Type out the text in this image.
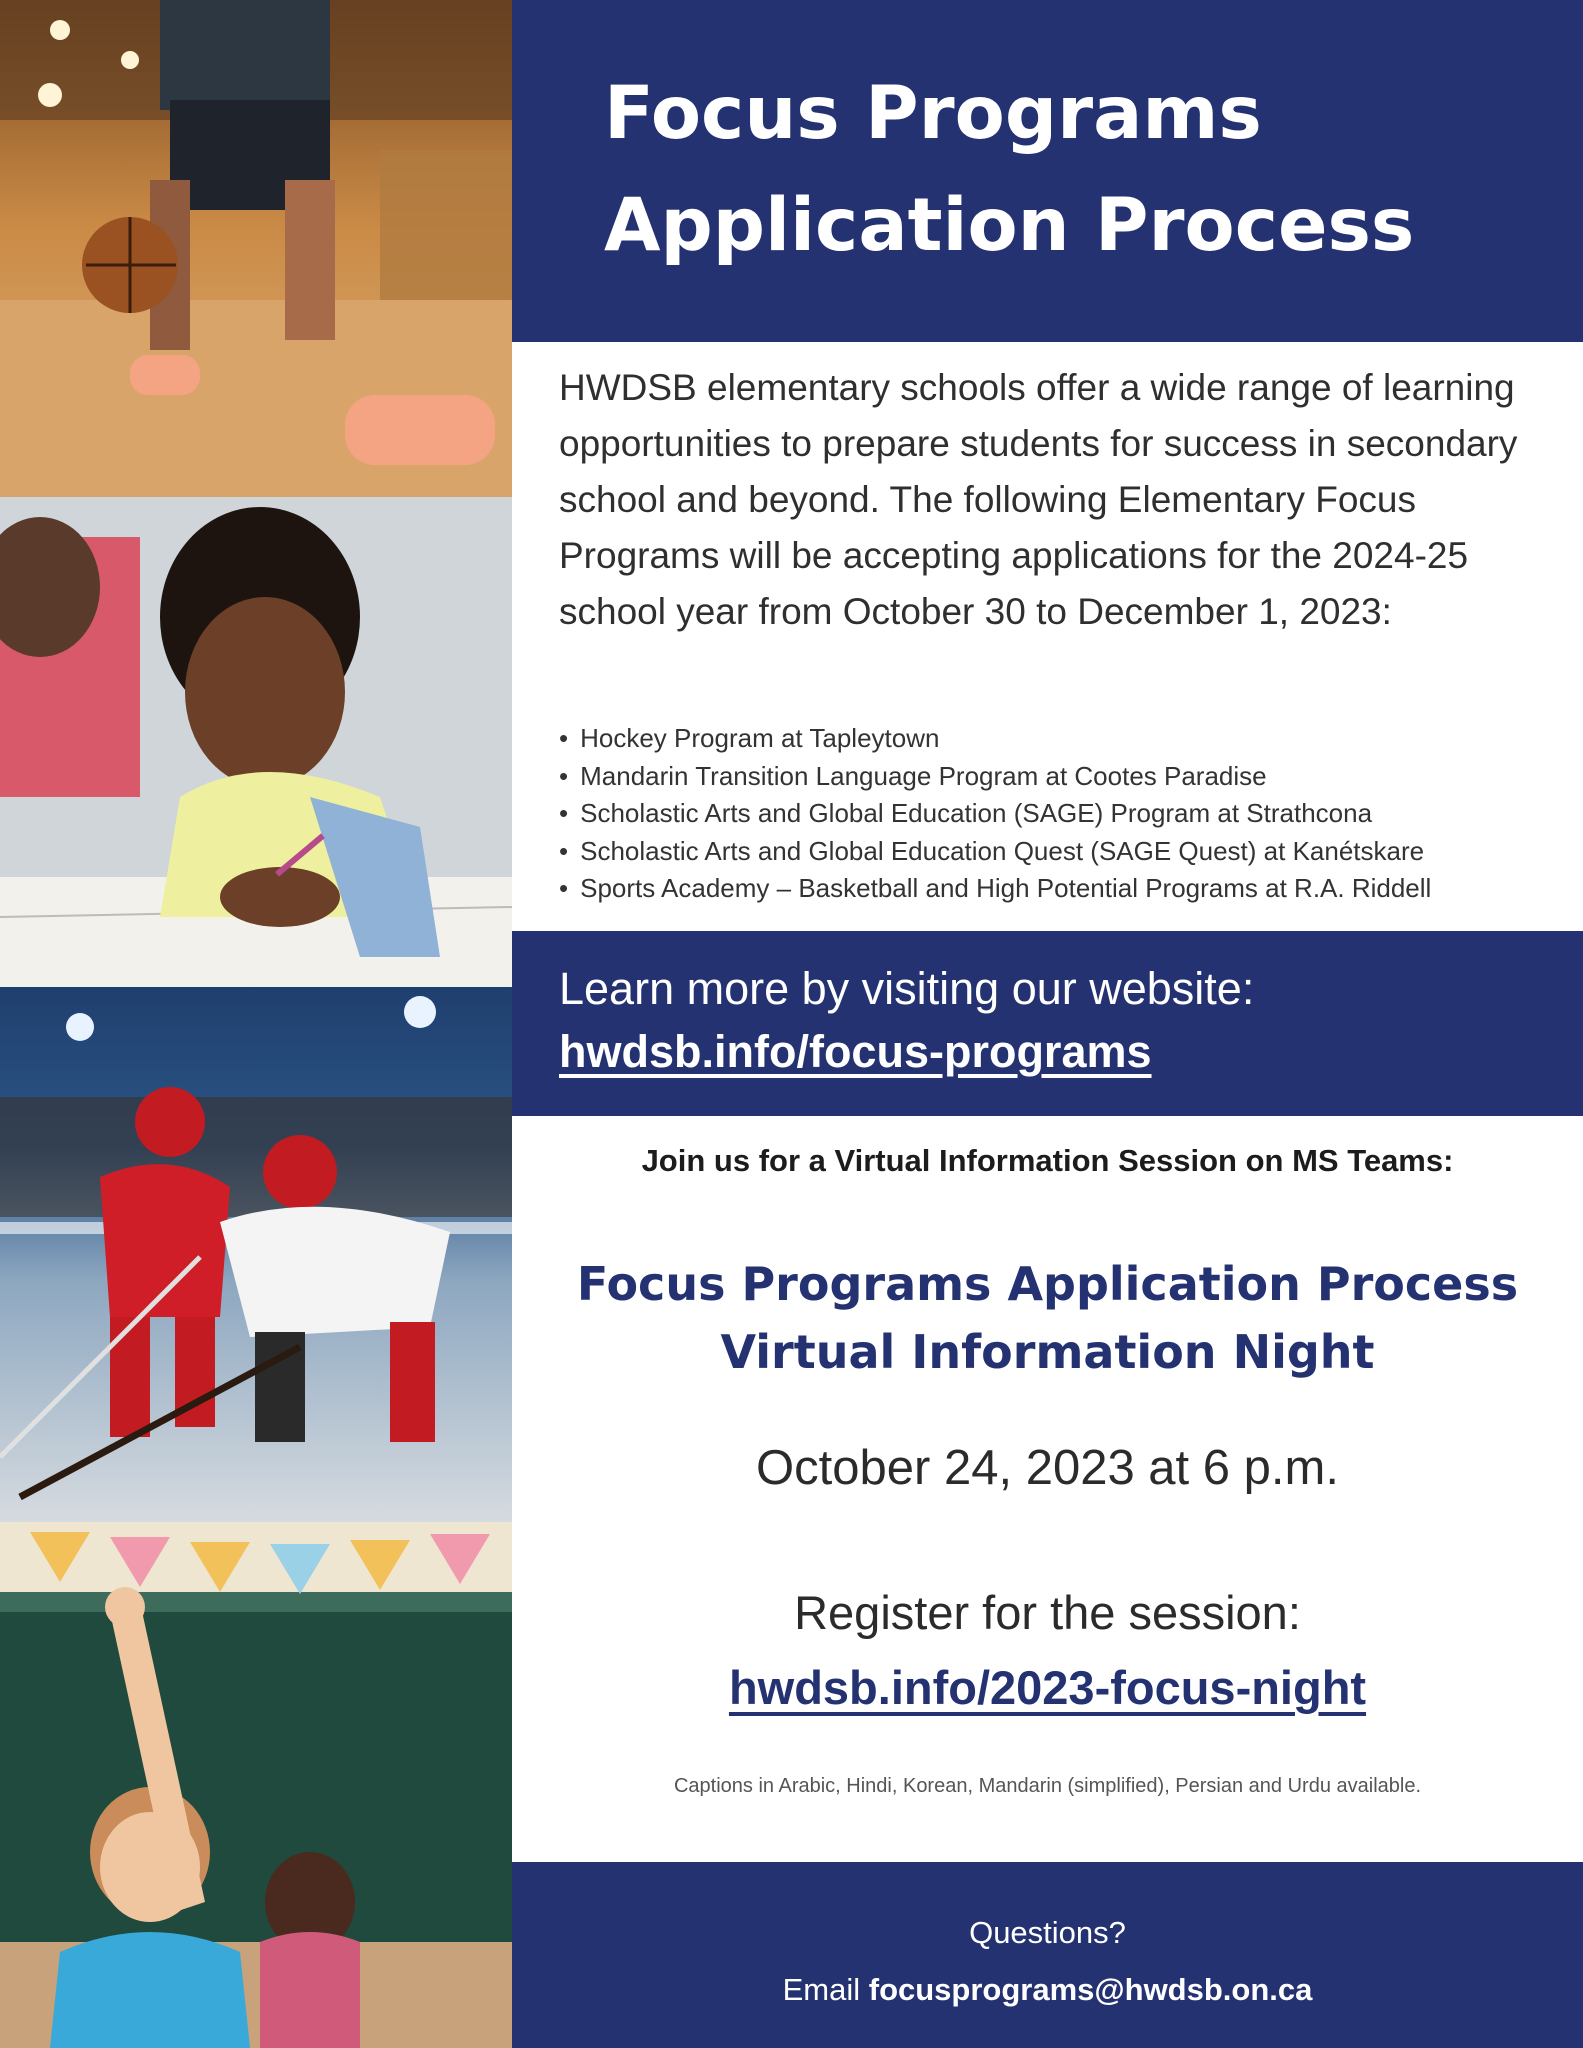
Focus Programs
Application Process

HWDSB elementary schools offer a wide range of learning opportunities to prepare students for success in secondary school and beyond. The following Elementary Focus Programs will be accepting applications for the 2024-25 school year from October 30 to December 1, 2023:

• Hockey Program at Tapleytown
• Mandarin Transition Language Program at Cootes Paradise
• Scholastic Arts and Global Education (SAGE) Program at Strathcona
• Scholastic Arts and Global Education Quest (SAGE Quest) at Kanétskare
• Sports Academy – Basketball and High Potential Programs at R.A. Riddell
Learn more by visiting our website:
hwdsb.info/focus-programs
Join us for a Virtual Information Session on MS Teams:
Focus Programs Application Process
Virtual Information Night
October 24, 2023 at 6 p.m.
Register for the session:
hwdsb.info/2023-focus-night
Captions in Arabic, Hindi, Korean, Mandarin (simplified), Persian and Urdu available.
Questions?
Email focusprograms@hwdsb.on.ca
